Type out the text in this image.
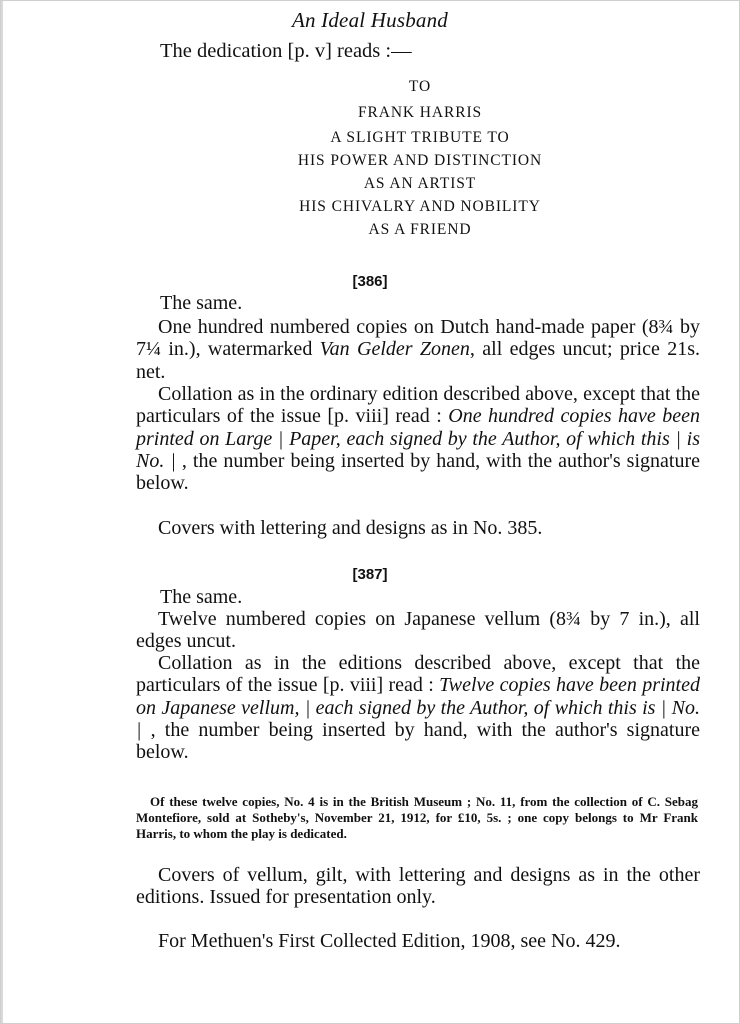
An Ideal Husband
The dedication [p. v] reads :—
TO
FRANK HARRIS
A SLIGHT TRIBUTE TO
HIS POWER AND DISTINCTION
AS AN ARTIST
HIS CHIVALRY AND NOBILITY
AS A FRIEND
[386]
The same.
One hundred numbered copies on Dutch hand-made paper (8¾ by 7¼ in.), watermarked Van Gelder Zonen, all edges uncut; price 21s. net.
Collation as in the ordinary edition described above, except that the particulars of the issue [p. viii] read : One hundred copies have been printed on Large | Paper, each signed by the Author, of which this | is No. | , the number being inserted by hand, with the author's signature below.
Covers with lettering and designs as in No. 385.
[387]
The same.
Twelve numbered copies on Japanese vellum (8¾ by 7 in.), all edges uncut.
Collation as in the editions described above, except that the particulars of the issue [p. viii] read : Twelve copies have been printed on Japanese vellum, | each signed by the Author, of which this is | No. | , the number being inserted by hand, with the author's signature below.
Of these twelve copies, No. 4 is in the British Museum ; No. 11, from the collection of C. Sebag Montefiore, sold at Sotheby's, November 21, 1912, for £10, 5s. ; one copy belongs to Mr Frank Harris, to whom the play is dedicated.
Covers of vellum, gilt, with lettering and designs as in the other editions. Issued for presentation only.
For Methuen's First Collected Edition, 1908, see No. 429.
